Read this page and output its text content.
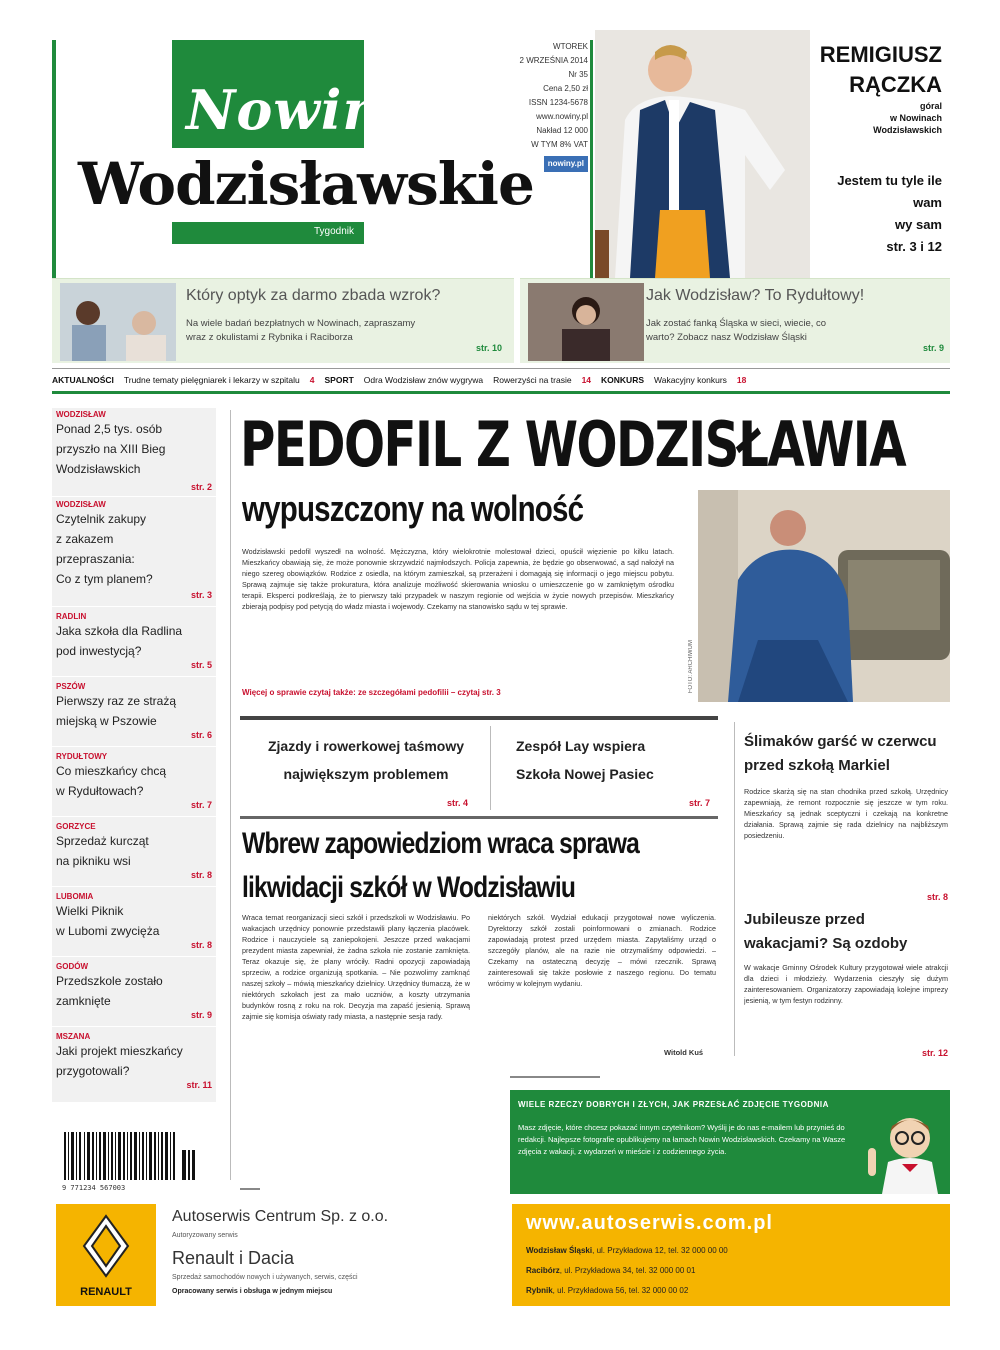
Nowiny
Wodzisławskie
Tygodnik
WTOREK
2 WRZEŚNIA 2014
Nr 35
Cena 2,50 zł
ISSN 1234-5678
www.nowiny.pl
Nakład 12 000
W TYM 8% VAT
nowiny.pl
REMIGIUSZ
RĄCZKA
góral
w Nowinach
Wodzisławskich
Jestem tu tyle ile
wam
wy sam
str. 3 i 12
Który optyk za darmo zbada wzrok?

Na wiele badań bezpłatnych w Nowinach, zapraszamy
wraz z okulistami z Rybnika i Raciborza

str. 10
Jak Wodzisław? To Rydułtowy!

Jak zostać fanką Śląska w sieci, wiecie, co
warto? Zobacz nasz Wodzisław Śląski

str. 9
AKTUALNOŚCI Trudne tematy pielęgniarek i lekarzy w szpitalu 4 SPORT Odra Wodzisław znów wygrywa Rowerzyści na trasie 14 KONKURS Wakacyjny konkurs 18
WODZISŁAW
Ponad 2,5 tys. osób
przyszło na XIII Bieg
Wodzisławskich
str. 2
WODZISŁAW
Czytelnik zakupy
z zakazem
przepraszania:
Co z tym planem?
str. 3
RADLIN
Jaka szkoła dla Radlina
pod inwestycją?
str. 5
PSZÓW
Pierwszy raz ze strażą
miejską w Pszowie
str. 6
RYDUŁTOWY
Co mieszkańcy chcą
w Rydułtowach?
str. 7
GORZYCE
Sprzedaż kurcząt
na pikniku wsi
str. 8
LUBOMIA
Wielki Piknik
w Lubomi zwycięża
str. 8
GODÓW
Przedszkole zostało
zamknięte
str. 9
MSZANA
Jaki projekt mieszkańcy
przygotowali?
str. 11
9 771234 567003
PEDOFIL Z WODZISŁAWIA
wypuszczony na wolność
Wodzisławski pedofil wyszedł na wolność. Mężczyzna, który wielokrotnie molestował dzieci, opuścił więzienie po kilku latach. Mieszkańcy obawiają się, że może ponownie skrzywdzić najmłodszych. Policja zapewnia, że będzie go obserwować, a sąd nałożył na niego szereg obowiązków. Rodzice z osiedla, na którym zamieszkał, są przerażeni i domagają się informacji o jego miejscu pobytu. Sprawą zajmuje się także prokuratura, która analizuje możliwość skierowania wniosku o umieszczenie go w zamkniętym ośrodku terapii. Eksperci podkreślają, że to pierwszy taki przypadek w naszym regionie od wejścia w życie nowych przepisów. Mieszkańcy zbierają podpisy pod petycją do władz miasta i wojewody. Czekamy na stanowisko sądu w tej sprawie.
Więcej o sprawie czytaj także: ze szczegółami pedofilii – czytaj str. 3	FOTO: ARCHIWUM
Zjazdy i rowerkowej taśmowy
największym problemem
str. 4
Zespół Lay wspiera
Szkoła Nowej Pasiec
str. 7
Wbrew zapowiedziom wraca sprawa
likwidacji szkół w Wodzisławiu
Wraca temat reorganizacji sieci szkół i przedszkoli w Wodzisławiu. Po wakacjach urzędnicy ponownie przedstawili plany łączenia placówek. Rodzice i nauczyciele są zaniepokojeni. Jeszcze przed wakacjami prezydent miasta zapewniał, że żadna szkoła nie zostanie zamknięta. Teraz okazuje się, że plany wróciły. Radni opozycji zapowiadają sprzeciw, a rodzice organizują spotkania. – Nie pozwolimy zamknąć naszej szkoły – mówią mieszkańcy dzielnicy. Urzędnicy tłumaczą, że w niektórych szkołach jest za mało uczniów, a koszty utrzymania budynków rosną z roku na rok. Decyzja ma zapaść jesienią. Sprawą zajmie się komisja oświaty rady miasta, a następnie sesja rady.
niektórych szkół. Wydział edukacji przygotował nowe wyliczenia. Dyrektorzy szkół zostali poinformowani o zmianach. Rodzice zapowiadają protest przed urzędem miasta. Zapytaliśmy urząd o szczegóły planów, ale na razie nie otrzymaliśmy odpowiedzi. – Czekamy na ostateczną decyzję – mówi rzecznik. Sprawą zainteresowali się także posłowie z naszego regionu. Do tematu wrócimy w kolejnym wydaniu.
Witold Kuś
Ślimaków garść w czerwcu
przed szkołą Markiel
Rodzice skarżą się na stan chodnika przed szkołą. Urzędnicy zapewniają, że remont rozpocznie się jeszcze w tym roku. Mieszkańcy są jednak sceptyczni i czekają na konkretne działania. Sprawą zajmie się rada dzielnicy na najbliższym posiedzeniu.
str. 8
Jubileusze przed
wakacjami? Są ozdoby
W wakacje Gminny Ośrodek Kultury przygotował wiele atrakcji dla dzieci i młodzieży. Wydarzenia cieszyły się dużym zainteresowaniem. Organizatorzy zapowiadają kolejne imprezy jesienią, w tym festyn rodzinny.
str. 12
WIELE RZECZY DOBRYCH I ZŁYCH, JAK PRZESŁAĆ ZDJĘCIE TYGODNIA
Masz zdjęcie, które chcesz pokazać innym czytelnikom? Wyślij je do nas e-mailem lub przynieś do redakcji. Najlepsze fotografie opublikujemy na łamach Nowin Wodzisławskich. Czekamy na Wasze zdjęcia z wakacji, z wydarzeń w mieście i z codziennego życia.
RENAULT
Autoserwis Centrum Sp. z o.o.
Autoryzowany serwis
Renault i Dacia
Sprzedaż samochodów nowych i używanych, serwis, części
Opracowany serwis i obsługa w jednym miejscu
www.autoserwis.com.pl
Wodzisław Śląski, ul. Przykładowa 12, tel. 32 000 00 00
Racibórz, ul. Przykładowa 34, tel. 32 000 00 01
Rybnik, ul. Przykładowa 56, tel. 32 000 00 02
